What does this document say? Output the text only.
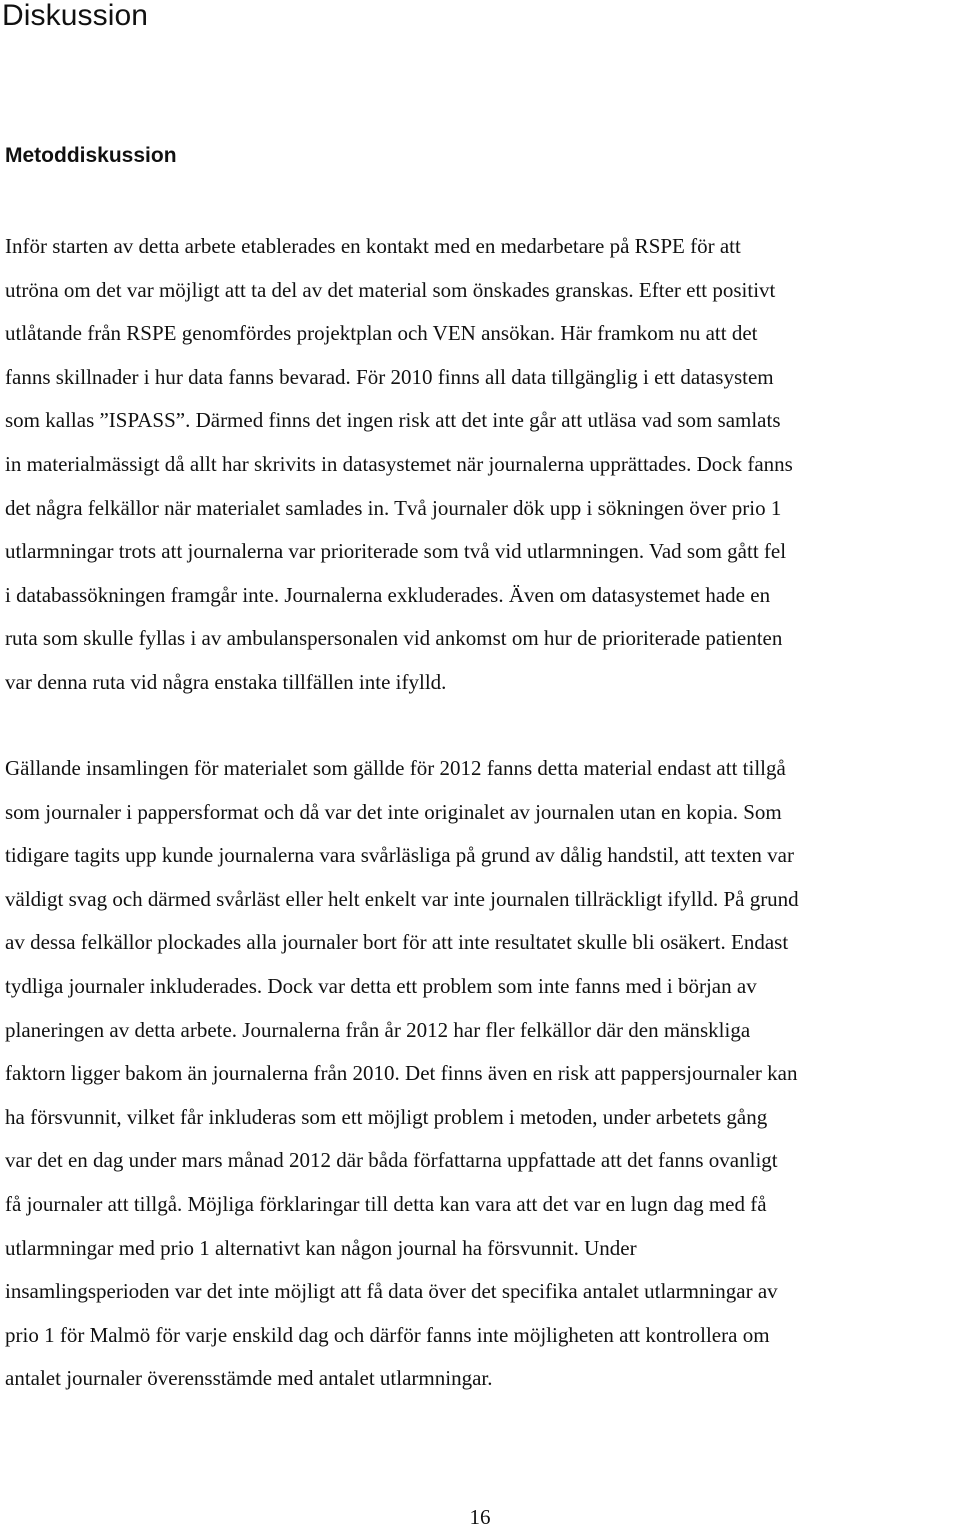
Diskussion
Metoddiskussion
Inför starten av detta arbete etablerades en kontakt med en medarbetare på RSPE för att
utröna om det var möjligt att ta del av det material som önskades granskas. Efter ett positivt
utlåtande från RSPE genomfördes projektplan och VEN ansökan. Här framkom nu att det
fanns skillnader i hur data fanns bevarad. För 2010 finns all data tillgänglig i ett datasystem
som kallas ”ISPASS”. Därmed finns det ingen risk att det inte går att utläsa vad som samlats
in materialmässigt då allt har skrivits in datasystemet när journalerna upprättades. Dock fanns
det några felkällor när materialet samlades in. Två journaler dök upp i sökningen över prio 1
utlarmningar trots att journalerna var prioriterade som två vid utlarmningen. Vad som gått fel
i databassökningen framgår inte. Journalerna exkluderades. Även om datasystemet hade en
ruta som skulle fyllas i av ambulanspersonalen vid ankomst om hur de prioriterade patienten
var denna ruta vid några enstaka tillfällen inte ifylld.
Gällande insamlingen för materialet som gällde för 2012 fanns detta material endast att tillgå
som journaler i pappersformat och då var det inte originalet av journalen utan en kopia. Som
tidigare tagits upp kunde journalerna vara svårläsliga på grund av dålig handstil, att texten var
väldigt svag och därmed svårläst eller helt enkelt var inte journalen tillräckligt ifylld. På grund
av dessa felkällor plockades alla journaler bort för att inte resultatet skulle bli osäkert. Endast
tydliga journaler inkluderades. Dock var detta ett problem som inte fanns med i början av
planeringen av detta arbete. Journalerna från år 2012 har fler felkällor där den mänskliga
faktorn ligger bakom än journalerna från 2010. Det finns även en risk att pappersjournaler kan
ha försvunnit, vilket får inkluderas som ett möjligt problem i metoden, under arbetets gång
var det en dag under mars månad 2012 där båda författarna uppfattade att det fanns ovanligt
få journaler att tillgå. Möjliga förklaringar till detta kan vara att det var en lugn dag med få
utlarmningar med prio 1 alternativt kan någon journal ha försvunnit. Under
insamlingsperioden var det inte möjligt att få data över det specifika antalet utlarmningar av
prio 1 för Malmö för varje enskild dag och därför fanns inte möjligheten att kontrollera om
antalet journaler överensstämde med antalet utlarmningar.
16
